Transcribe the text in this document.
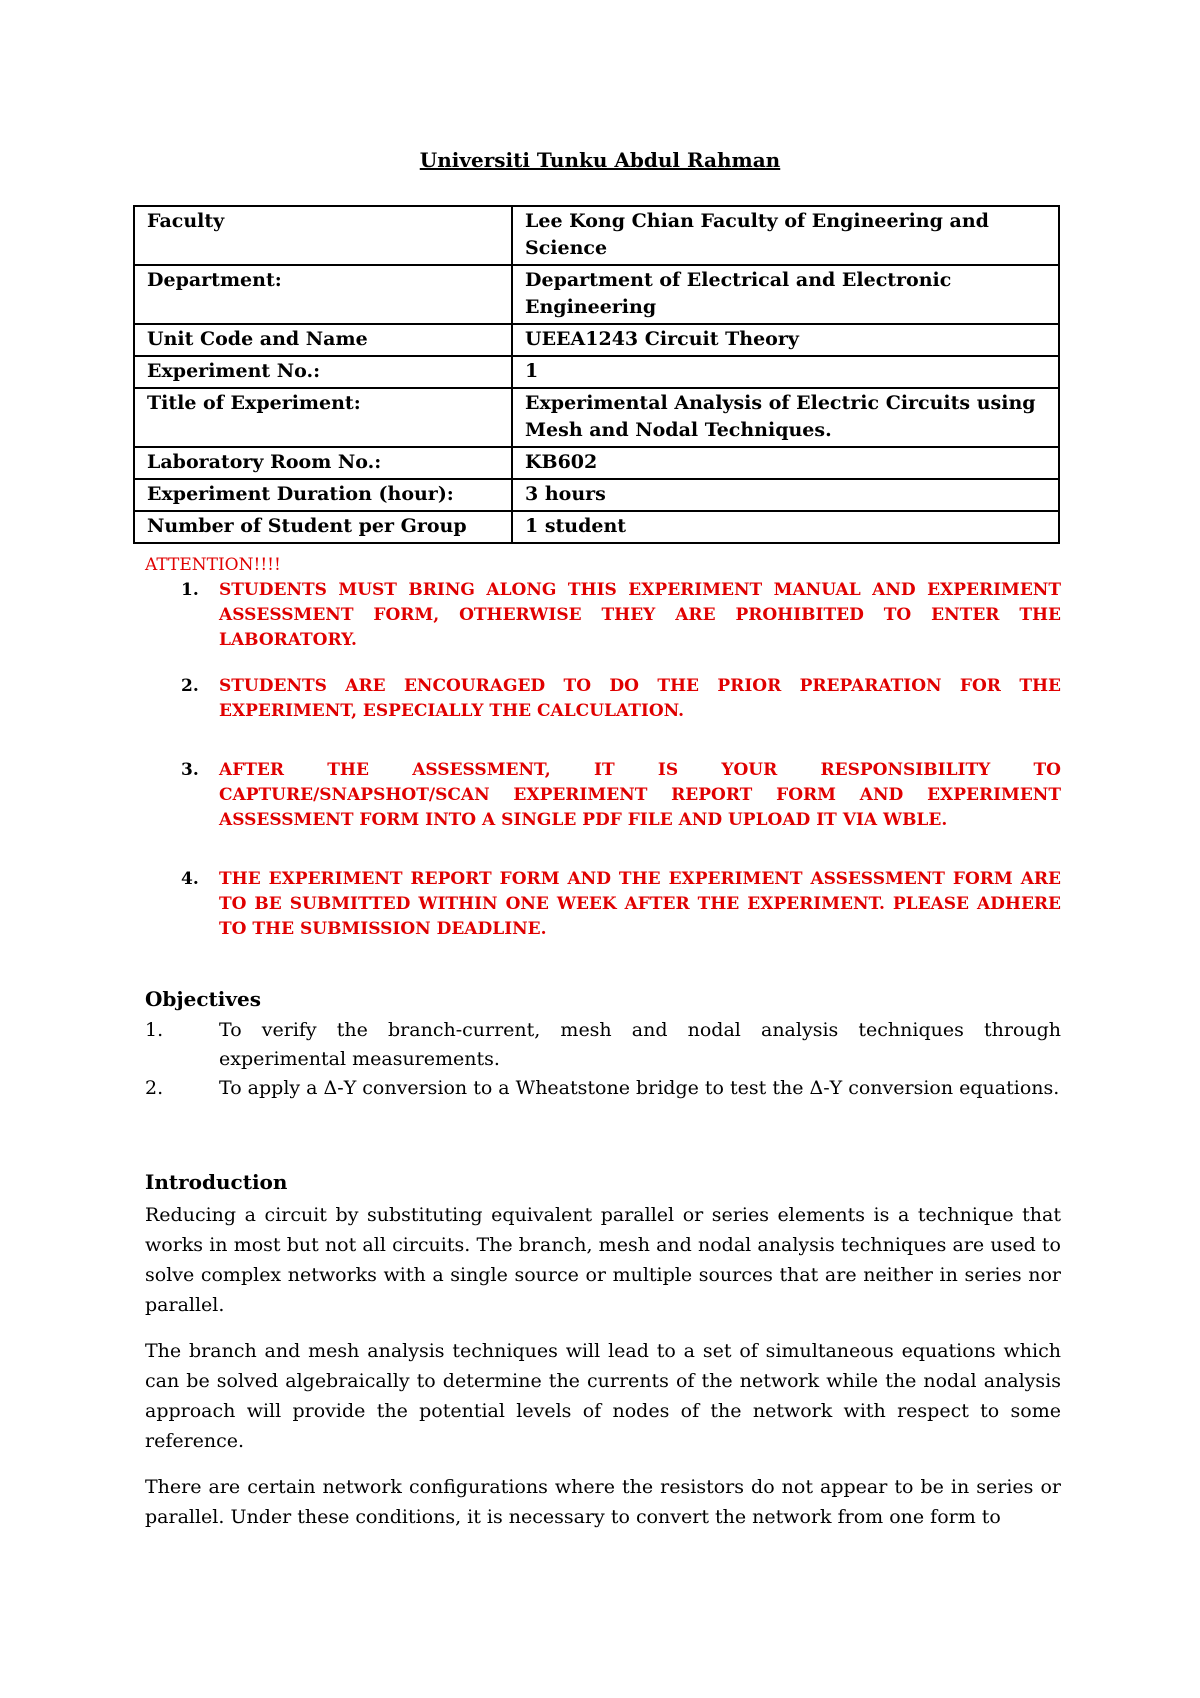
Universiti Tunku Abdul Rahman
Faculty	Lee Kong Chian Faculty of Engineering and Science
Department:	Department of Electrical and Electronic Engineering
Unit Code and Name	UEEA1243 Circuit Theory
Experiment No.:	1
Title of Experiment:	Experimental Analysis of Electric Circuits using Mesh and Nodal Techniques.
Laboratory Room No.:	KB602
Experiment Duration (hour):	3 hours
Number of Student per Group	1 student
ATTENTION!!!!
1. STUDENTS MUST BRING ALONG THIS EXPERIMENT MANUAL AND EXPERIMENT ASSESSMENT FORM, OTHERWISE THEY ARE PROHIBITED TO ENTER THE LABORATORY.
2. STUDENTS ARE ENCOURAGED TO DO THE PRIOR PREPARATION FOR THE EXPERIMENT, ESPECIALLY THE CALCULATION.
3. AFTER THE ASSESSMENT, IT IS YOUR RESPONSIBILITY TO CAPTURE/SNAPSHOT/SCAN EXPERIMENT REPORT FORM AND EXPERIMENT ASSESSMENT FORM INTO A SINGLE PDF FILE AND UPLOAD IT VIA WBLE.
4. THE EXPERIMENT REPORT FORM AND THE EXPERIMENT ASSESSMENT FORM ARE TO BE SUBMITTED WITHIN ONE WEEK AFTER THE EXPERIMENT. PLEASE ADHERE TO THE SUBMISSION DEADLINE.
Objectives
1.	To verify the branch-current, mesh and nodal analysis techniques through experimental measurements.
2.	To apply a Δ-Y conversion to a Wheatstone bridge to test the Δ-Y conversion equations.
Introduction

Reducing a circuit by substituting equivalent parallel or series elements is a technique that works in most but not all circuits. The branch, mesh and nodal analysis techniques are used to solve complex networks with a single source or multiple sources that are neither in series nor parallel.

The branch and mesh analysis techniques will lead to a set of simultaneous equations which can be solved algebraically to determine the currents of the network while the nodal analysis approach will provide the potential levels of nodes of the network with respect to some reference.

There are certain network configurations where the resistors do not appear to be in series or parallel. Under these conditions, it is necessary to convert the network from one form to
